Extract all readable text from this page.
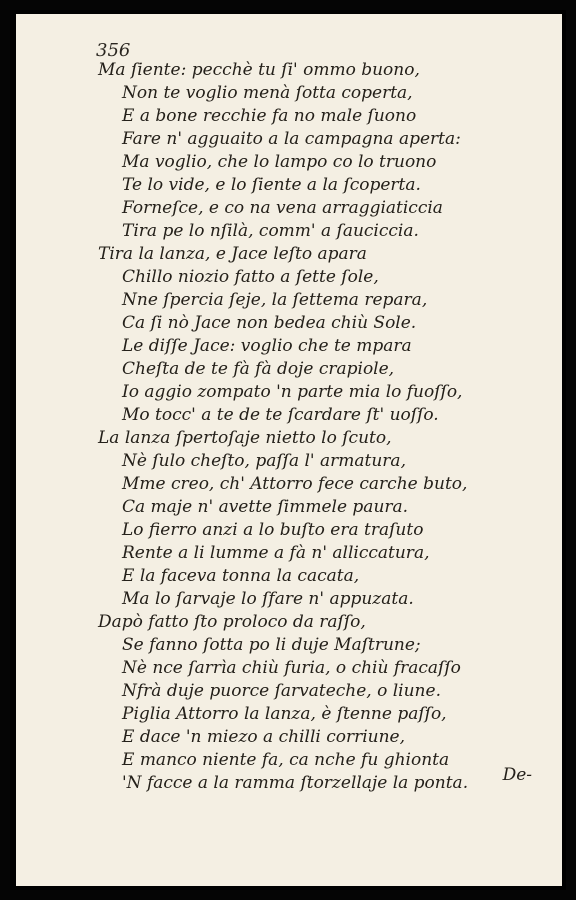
356
Ma ſiente: pecchè tu ſi' ommo buono,
Non te voglio menà ſotta coperta,
E a bone recchie fa no male ſuono
Fare n' agguaito a la campagna aperta:
Ma voglio, che lo lampo co lo truono
Te lo vide, e lo ſiente a la ſcoperta.
Forneſce, e co na vena arraggiaticcia
Tira pe lo nſilà, comm' a ſauciccia.
Tira la lanza, e Jace leſto apara
Chillo niozio fatto a ſette ſole,
Nne ſpercia ſeje, la ſettema repara,
Ca ſi nò Jace non bedea chiù Sole.
Le diſſe Jace: voglio che te mpara
Cheſta de te fà fà doje crapiole,
Io aggio zompato 'n parte mia lo fuoſſo,
Mo tocc' a te de te ſcardare ſt' uoſſo.
La lanza ſpertoſaje nietto lo ſcuto,
Nè ſulo cheſto, paſſa l' armatura,
Mme creo, ch' Attorro fece carche buto,
Ca maje n' avette ſimmele paura.
Lo fierro anzi a lo buſto era traſuto
Rente a li lumme a fà n' alliccatura,
E la faceva tonna la cacata,
Ma lo ſarvaje lo ſfare n' appuzata.
Dapò fatto ſto proloco da raſſo,
Se fanno ſotta po li duje Maſtrune;
Nè nce ſarrìa chiù furia, o chiù fracaſſo
Nfrà duje puorce ſarvateche, o liune.
Piglia Attorro la lanza, è ſtenne paſſo,
E dace 'n miezo a chilli corriune,
E manco niente fa, ca nche fu ghionta
'N facce a la ramma ſtorzellaje la ponta.	De-
